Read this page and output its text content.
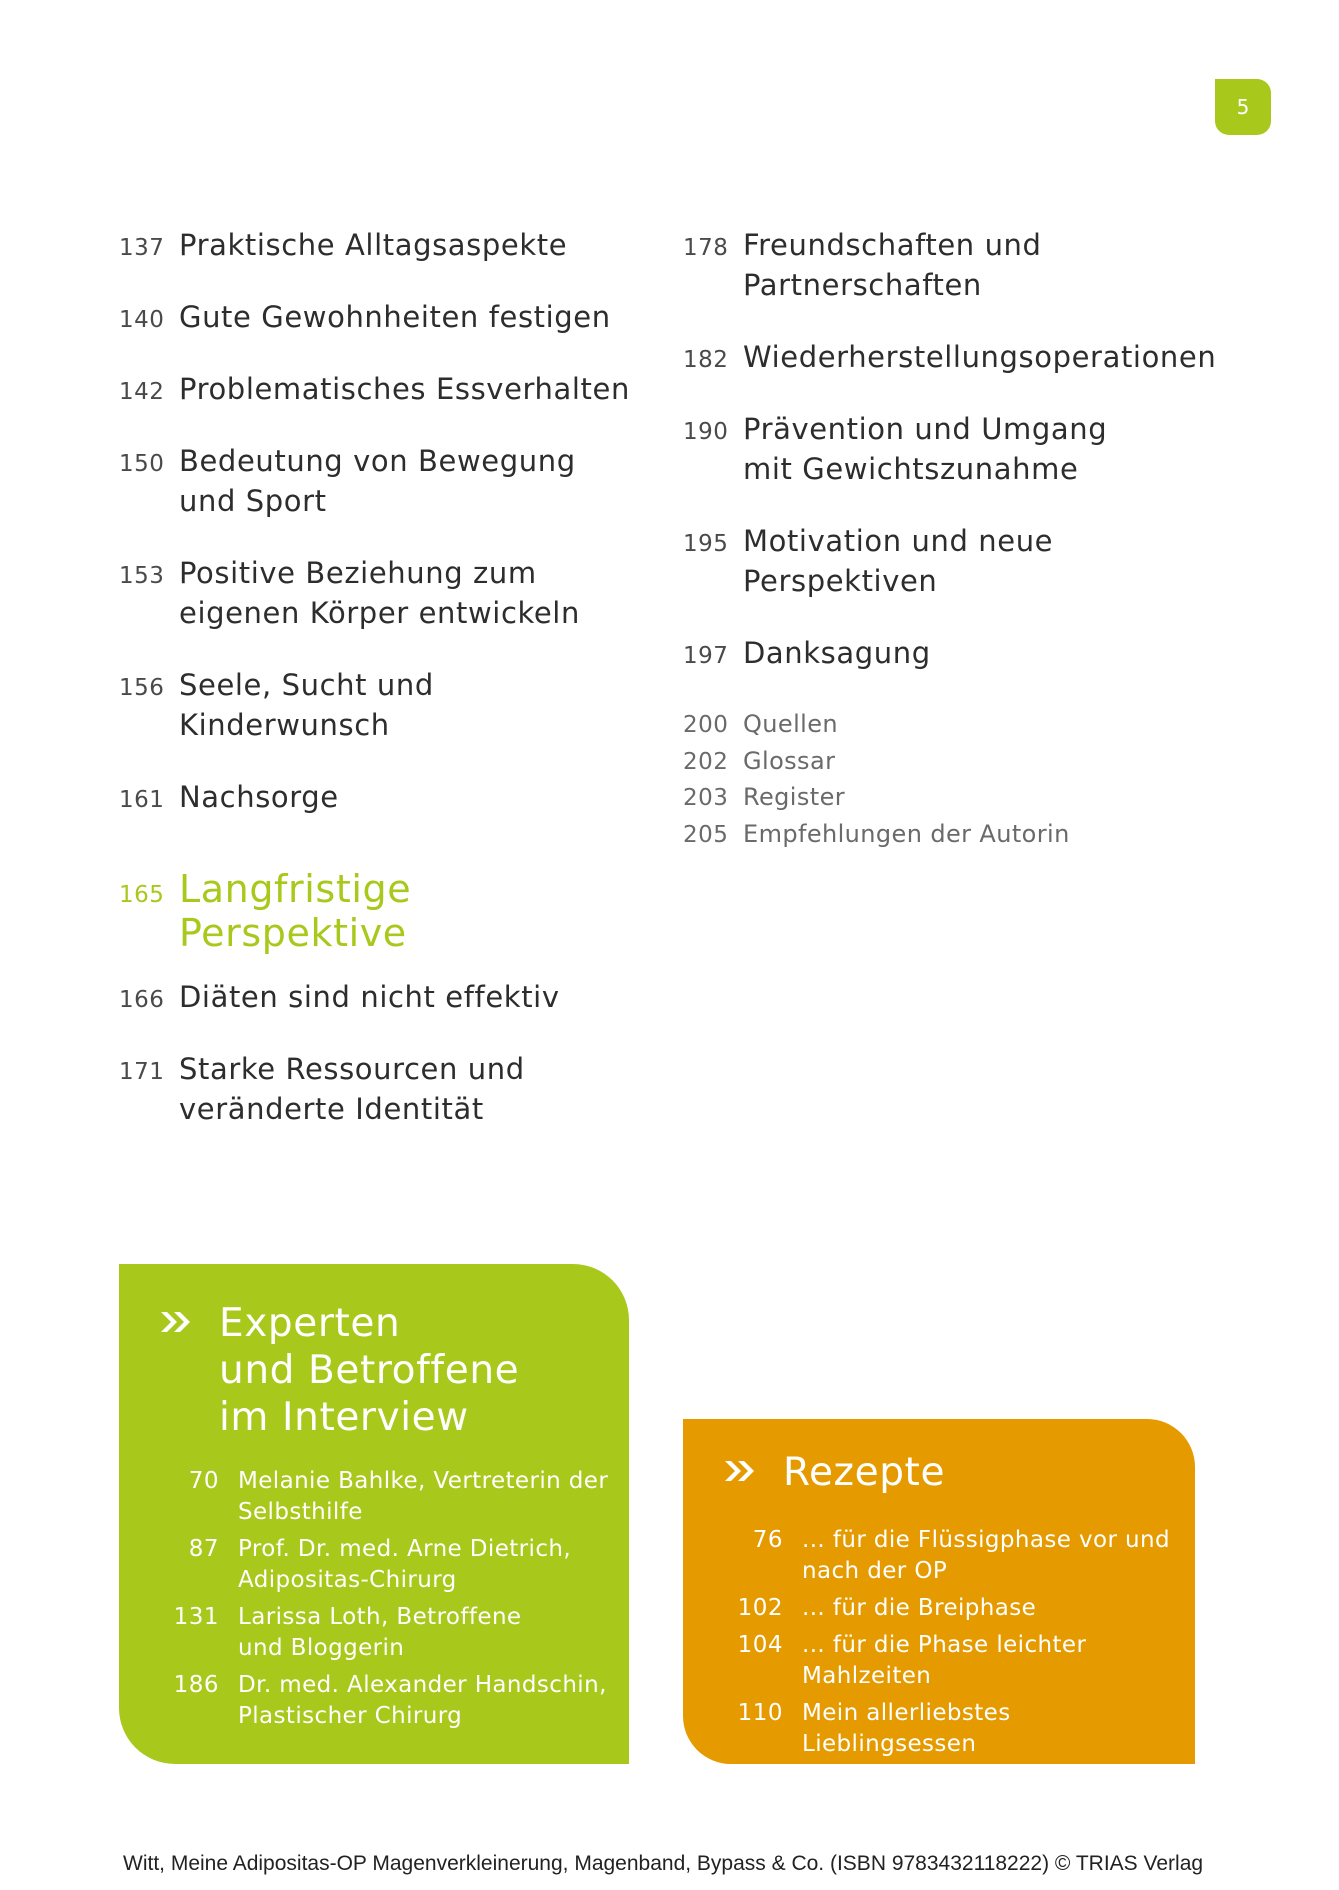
5
137 Praktische Alltagsaspekte
140 Gute Gewohnheiten festigen
142 Problematisches Essverhalten
150 Bedeutung von Bewegung und Sport
153 Positive Beziehung zum eigenen Körper entwickeln
156 Seele, Sucht und Kinderwunsch
161 Nachsorge
165 Langfristige Perspektive
166 Diäten sind nicht effektiv
171 Starke Ressourcen und veränderte Identität
178 Freundschaften und Partnerschaften
182 Wiederherstellungsoperationen
190 Prävention und Umgang mit Gewichtszunahme
195 Motivation und neue Perspektiven
197 Danksagung
200 Quellen
202 Glossar
203 Register
205 Empfehlungen der Autorin
Experten
und Betroffene
im Interview
70 Melanie Bahlke, Vertreterin der
Selbsthilfe
87 Prof. Dr. med. Arne Dietrich,
Adipositas-Chirurg
131 Larissa Loth, Betroffene
und Bloggerin
186 Dr. med. Alexander Handschin,
Plastischer Chirurg
Rezepte
76 ... für die Flüssigphase vor und
nach der OP
102 ... für die Breiphase
104 ... für die Phase leichter
Mahlzeiten
110 Mein allerliebstes Lieblingsessen
Witt, Meine Adipositas-OP Magenverkleinerung, Magenband, Bypass & Co. (ISBN 9783432118222) © TRIAS Verlag
